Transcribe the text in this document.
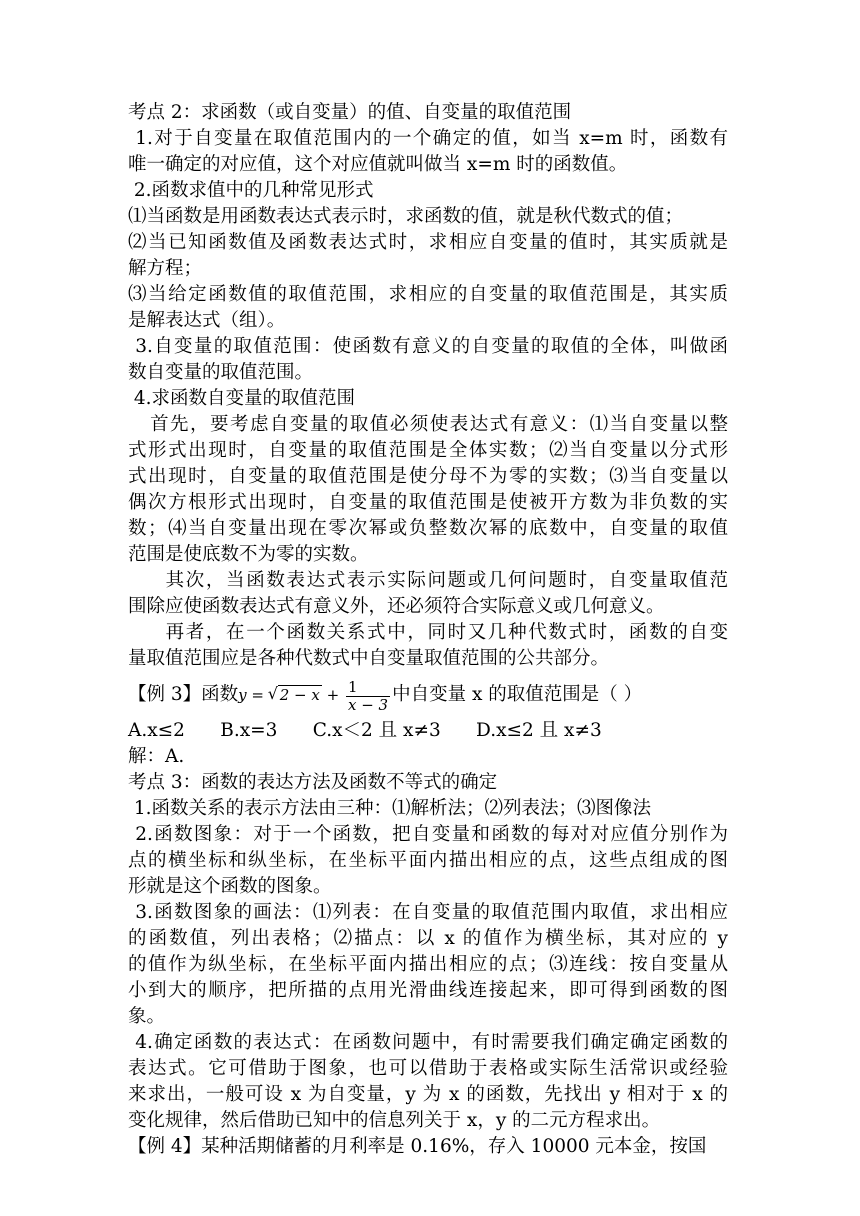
考点 2：求函数（或自变量）的值、自变量的取值范围
1.对于自变量在取值范围内的一个确定的值，如当 x=m 时，函数有
唯一确定的对应值，这个对应值就叫做当 x=m 时的函数值。
2.函数求值中的几种常见形式
⑴当函数是用函数表达式表示时，求函数的值，就是秋代数式的值；
⑵当已知函数值及函数表达式时，求相应自变量的值时，其实质就是
解方程；
⑶当给定函数值的取值范围，求相应的自变量的取值范围是，其实质
是解表达式（组）。
3.自变量的取值范围：使函数有意义的自变量的取值的全体，叫做函
数自变量的取值范围。
4.求函数自变量的取值范围
首先，要考虑自变量的取值必须使表达式有意义：⑴当自变量以整
式形式出现时，自变量的取值范围是全体实数；⑵当自变量以分式形
式出现时，自变量的取值范围是使分母不为零的实数；⑶当自变量以
偶次方根形式出现时，自变量的取值范围是使被开方数为非负数的实
数；⑷当自变量出现在零次幂或负整数次幂的底数中，自变量的取值
范围是使底数不为零的实数。
其次，当函数表达式表示实际问题或几何问题时，自变量取值范
围除应使函数表达式有意义外，还必须符合实际意义或几何意义。
再者，在一个函数关系式中，同时又几种代数式时，函数的自变
量取值范围应是各种代数式中自变量取值范围的公共部分。
【例 3】函数y = √ $2 - x + \frac{1}{x - 3}$ 中自变量 x 的取值范围是（ ）
A.x≤2      B.x=3      C.x＜2 且 x≠3      D.x≤2 且 x≠3
解：A.
考点 3：函数的表达方法及函数不等式的确定
1.函数关系的表示方法由三种：⑴解析法；⑵列表法；⑶图像法
2.函数图象：对于一个函数，把自变量和函数的每对对应值分别作为
点的横坐标和纵坐标，在坐标平面内描出相应的点，这些点组成的图
形就是这个函数的图象。
3.函数图象的画法：⑴列表：在自变量的取值范围内取值，求出相应
的函数值，列出表格；⑵描点：以 x 的值作为横坐标，其对应的 y
的值作为纵坐标，在坐标平面内描出相应的点；⑶连线：按自变量从
小到大的顺序，把所描的点用光滑曲线连接起来，即可得到函数的图
象。
4.确定函数的表达式：在函数问题中，有时需要我们确定确定函数的
表达式。它可借助于图象，也可以借助于表格或实际生活常识或经验
来求出，一般可设 x 为自变量，y 为 x 的函数，先找出 y 相对于 x 的
变化规律，然后借助已知中的信息列关于 x，y 的二元方程求出。
【例 4】某种活期储蓄的月利率是 0.16%，存入 10000 元本金，按国
